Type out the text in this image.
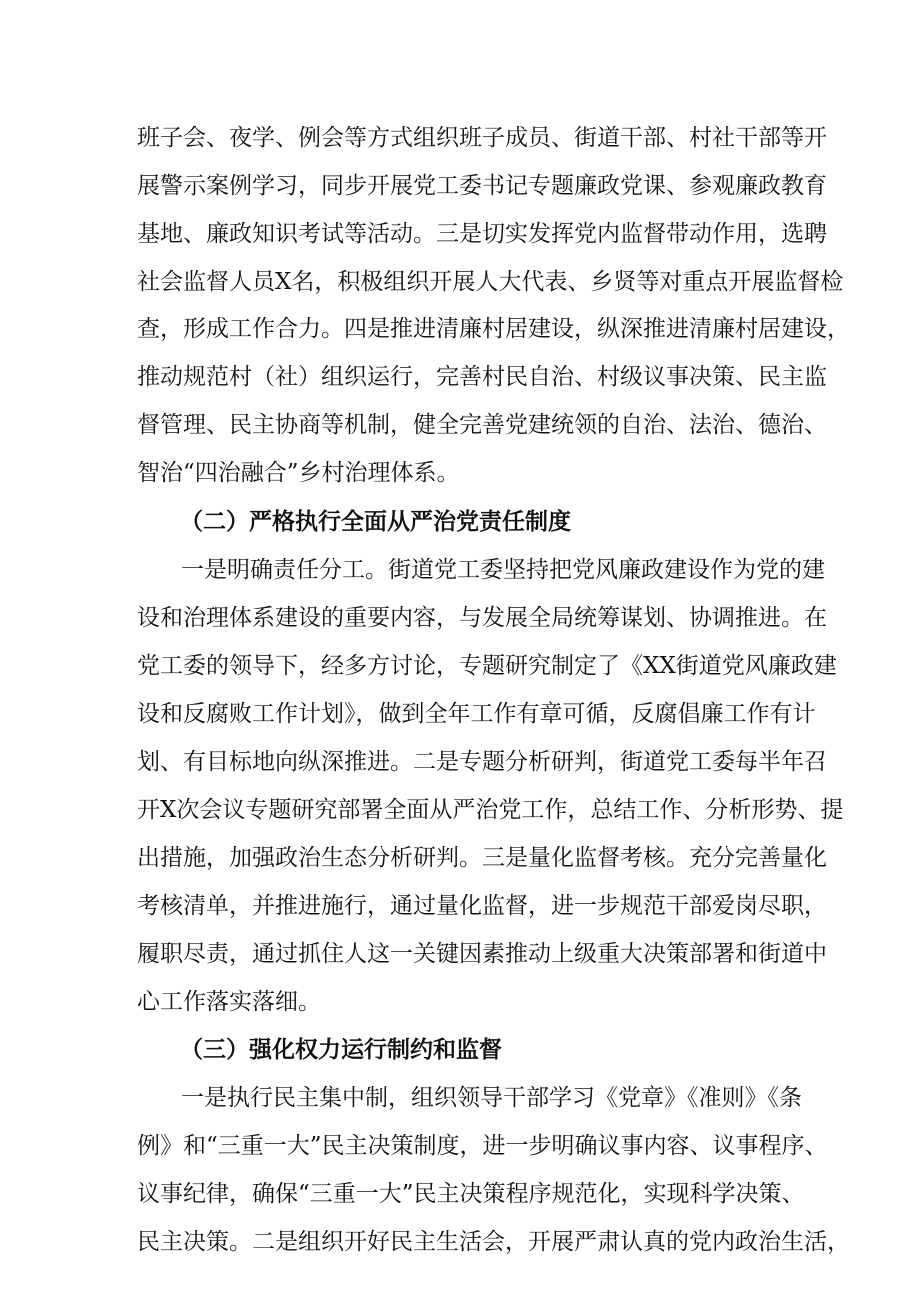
班子会、夜学、例会等方式组织班子成员、街道干部、村社干部等开
展警示案例学习，同步开展党工委书记专题廉政党课、参观廉政教育
基地、廉政知识考试等活动。三是切实发挥党内监督带动作用，选聘
社会监督人员X名，积极组织开展人大代表、乡贤等对重点开展监督检
查，形成工作合力。四是推进清廉村居建设，纵深推进清廉村居建设，
推动规范村（社）组织运行，完善村民自治、村级议事决策、民主监
督管理、民主协商等机制，健全完善党建统领的自治、法治、德治、
智治“四治融合”乡村治理体系。
（二）严格执行全面从严治党责任制度
一是明确责任分工。街道党工委坚持把党风廉政建设作为党的建
设和治理体系建设的重要内容，与发展全局统筹谋划、协调推进。在
党工委的领导下，经多方讨论，专题研究制定了《XX街道党风廉政建
设和反腐败工作计划》，做到全年工作有章可循，反腐倡廉工作有计
划、有目标地向纵深推进。二是专题分析研判，街道党工委每半年召
开X次会议专题研究部署全面从严治党工作，总结工作、分析形势、提
出措施，加强政治生态分析研判。三是量化监督考核。充分完善量化
考核清单，并推进施行，通过量化监督，进一步规范干部爱岗尽职，
履职尽责，通过抓住人这一关键因素推动上级重大决策部署和街道中
心工作落实落细。
（三）强化权力运行制约和监督
一是执行民主集中制，组织领导干部学习《党章》《准则》《条
例》和“三重一大”民主决策制度，进一步明确议事内容、议事程序、
议事纪律，确保“三重一大”民主决策程序规范化，实现科学决策、
民主决策。二是组织开好民主生活会，开展严肃认真的党内政治生活，
